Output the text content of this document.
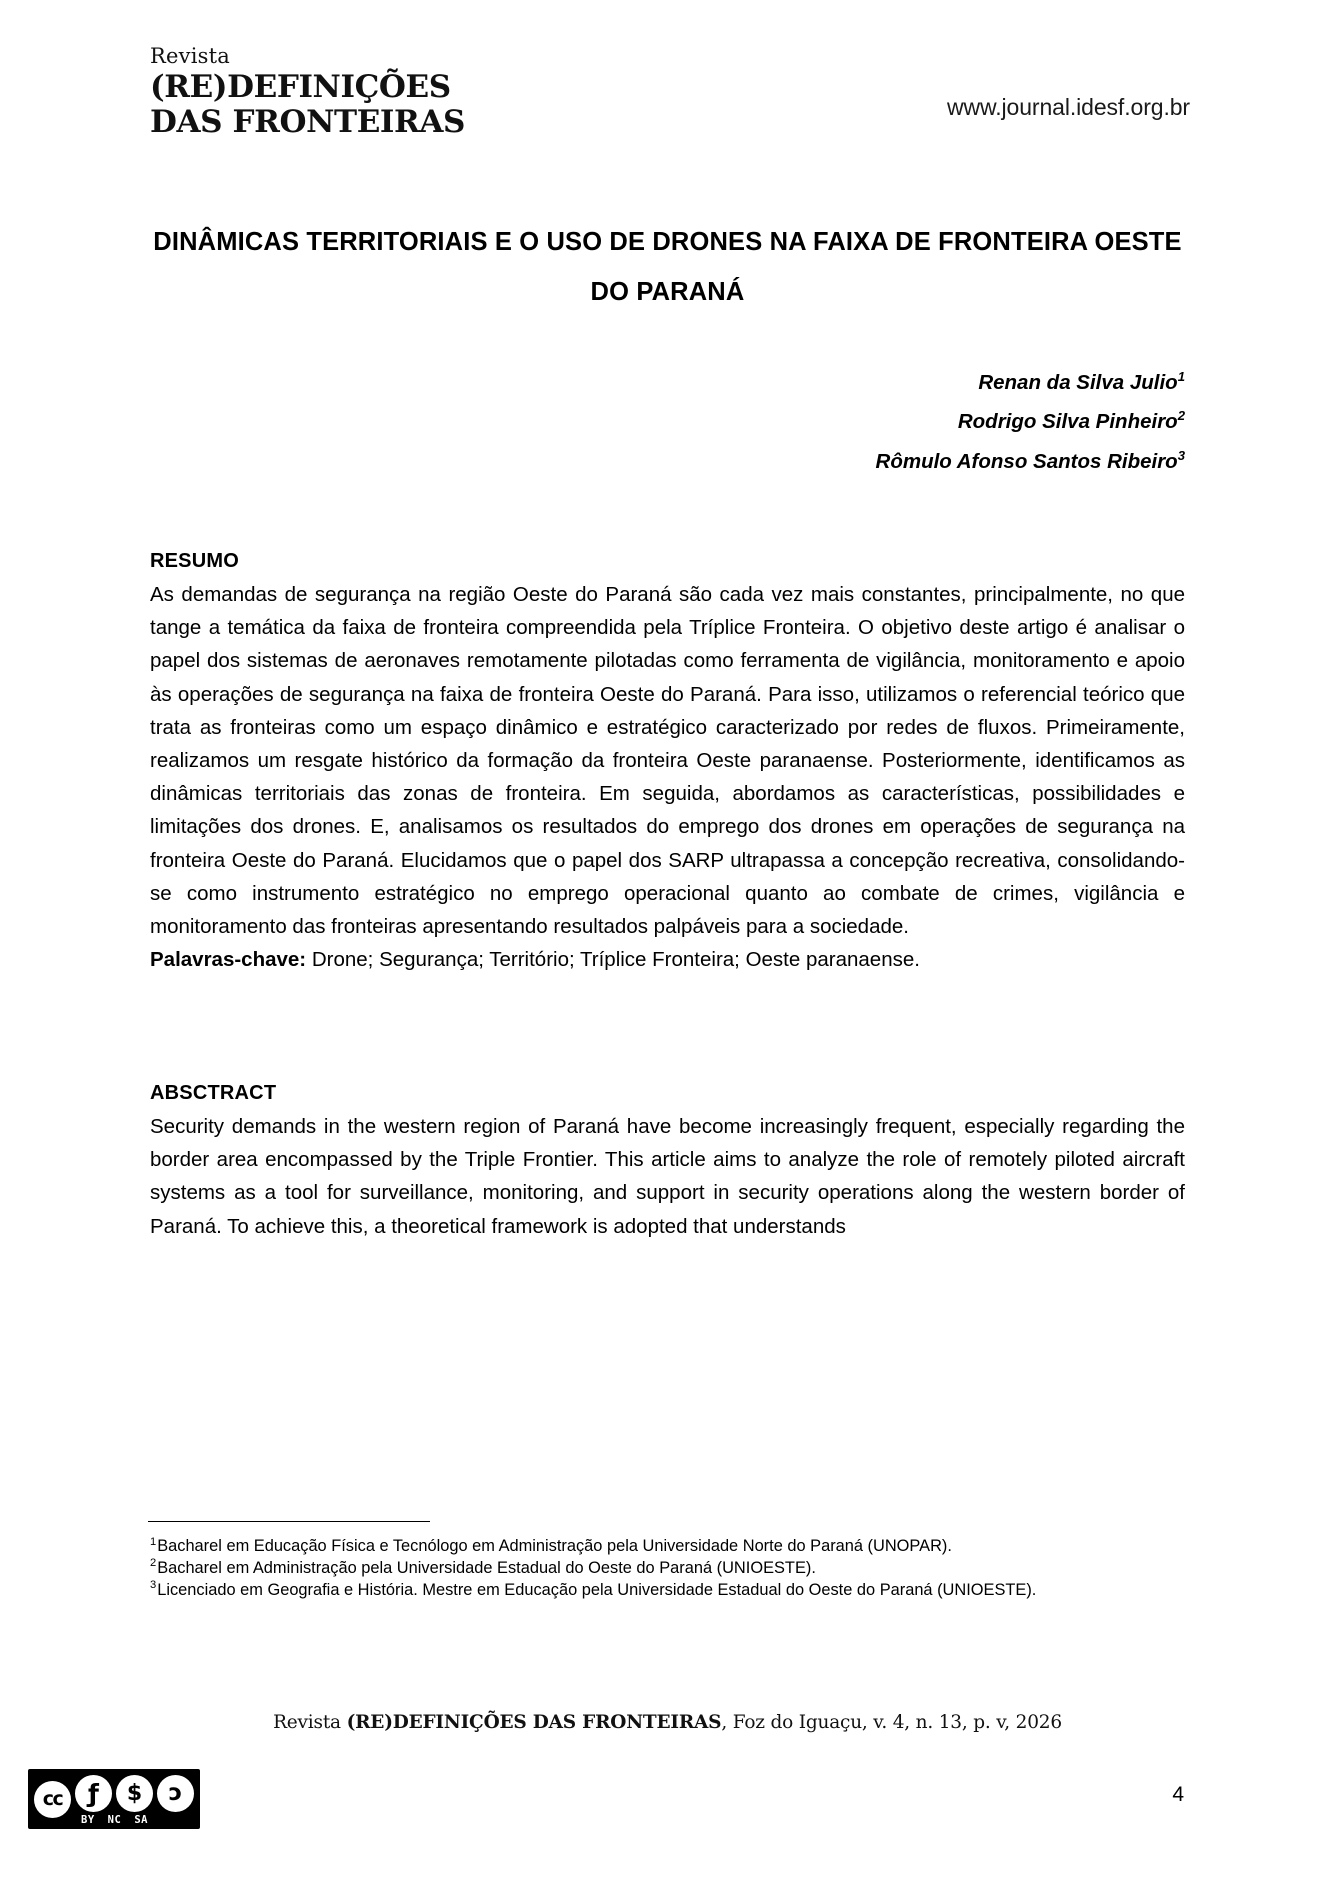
Revista
(RE)DEFINIÇÕES
DAS FRONTEIRAS	www.journal.idesf.org.br
DINÂMICAS TERRITORIAIS E O USO DE DRONES NA FAIXA DE FRONTEIRA OESTE DO PARANÁ
Renan da Silva Julio$^1$
Rodrigo Silva Pinheiro$^2$
Rômulo Afonso Santos Ribeiro$^3$
RESUMO

As demandas de segurança na região Oeste do Paraná são cada vez mais constantes, principalmente, no que tange a temática da faixa de fronteira compreendida pela Tríplice Fronteira. O objetivo deste artigo é analisar o papel dos sistemas de aeronaves remotamente pilotadas como ferramenta de vigilância, monitoramento e apoio às operações de segurança na faixa de fronteira Oeste do Paraná. Para isso, utilizamos o referencial teórico que trata as fronteiras como um espaço dinâmico e estratégico caracterizado por redes de fluxos. Primeiramente, realizamos um resgate histórico da formação da fronteira Oeste paranaense. Posteriormente, identificamos as dinâmicas territoriais das zonas de fronteira. Em seguida, abordamos as características, possibilidades e limitações dos drones. E, analisamos os resultados do emprego dos drones em operações de segurança na fronteira Oeste do Paraná. Elucidamos que o papel dos SARP ultrapassa a concepção recreativa, consolidando-se como instrumento estratégico no emprego operacional quanto ao combate de crimes, vigilância e monitoramento das fronteiras apresentando resultados palpáveis para a sociedade.

Palavras-chave: Drone; Segurança; Território; Tríplice Fronteira; Oeste paranaense.

ABSCTRACT

Security demands in the western region of Paraná have become increasingly frequent, especially regarding the border area encompassed by the Triple Frontier. This article aims to analyze the role of remotely piloted aircraft systems as a tool for surveillance, monitoring, and support in security operations along the western border of Paraná. To achieve this, a theoretical framework is adopted that understands

$^1$Bacharel em Educação Física e Tecnólogo em Administração pela Universidade Norte do Paraná (UNOPAR).
$^2$Bacharel em Administração pela Universidade Estadual do Oeste do Paraná (UNIOESTE).
$^3$Licenciado em Geografia e História. Mestre em Educação pela Universidade Estadual do Oeste do Paraná (UNIOESTE).
Revista (RE)DEFINIÇÕES DAS FRONTEIRAS, Foz do Iguaçu, v. 4, n. 13, p. v, 2026
cc ƒ $ ɔ
BY NC SA
4
